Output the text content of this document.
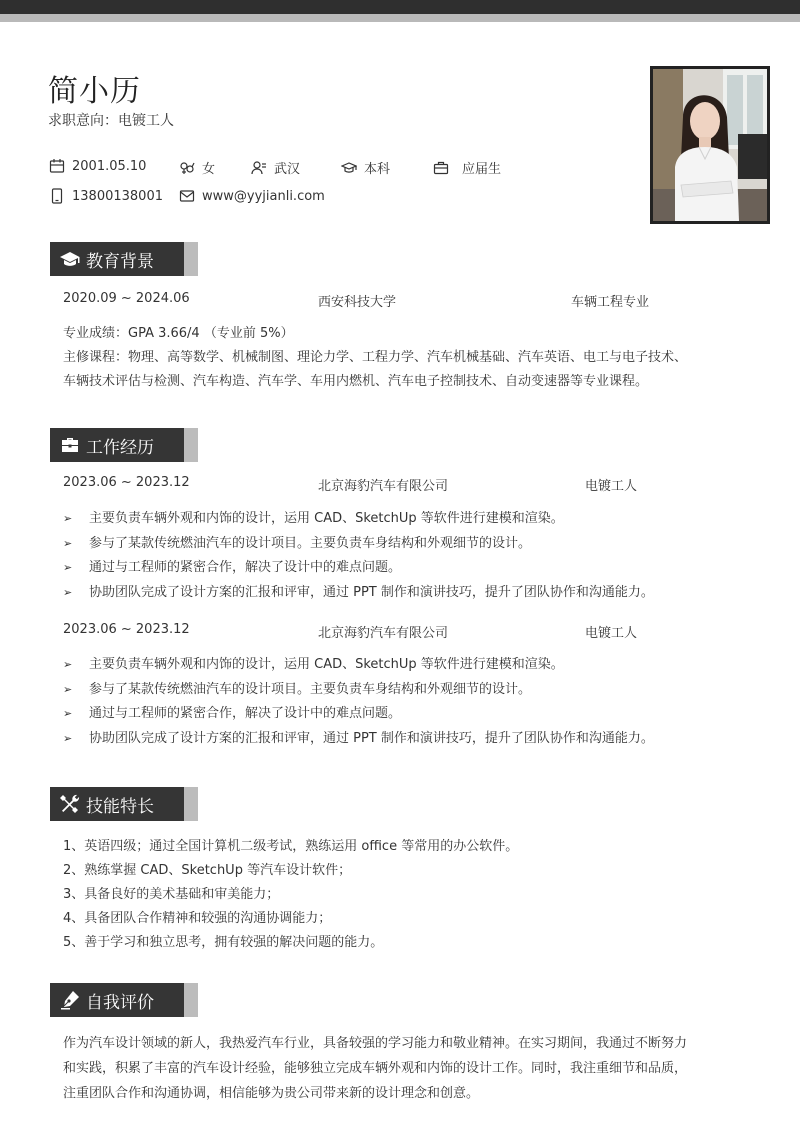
简小历
求职意向：电镀工人
2001.05.10	女	武汉	本科	应届生
13800138001	www@yyjianli.com
教育背景
2020.09 ~ 2024.06	西安科技大学	车辆工程专业
专业成绩：GPA 3.66/4 （专业前 5%）
主修课程：物理、高等数学、机械制图、理论力学、工程力学、汽车机械基础、汽车英语、电工与电子技术、
车辆技术评估与检测、汽车构造、汽车学、车用内燃机、汽车电子控制技术、自动变速器等专业课程。
工作经历
2023.06 ~ 2023.12	北京海豹汽车有限公司	电镀工人
➢	主要负责车辆外观和内饰的设计，运用 CAD、SketchUp 等软件进行建模和渲染。
➢	参与了某款传统燃油汽车的设计项目。主要负责车身结构和外观细节的设计。
➢	通过与工程师的紧密合作，解决了设计中的难点问题。
➢	协助团队完成了设计方案的汇报和评审，通过 PPT 制作和演讲技巧，提升了团队协作和沟通能力。
2023.06 ~ 2023.12	北京海豹汽车有限公司	电镀工人
➢	主要负责车辆外观和内饰的设计，运用 CAD、SketchUp 等软件进行建模和渲染。
➢	参与了某款传统燃油汽车的设计项目。主要负责车身结构和外观细节的设计。
➢	通过与工程师的紧密合作，解决了设计中的难点问题。
➢	协助团队完成了设计方案的汇报和评审，通过 PPT 制作和演讲技巧，提升了团队协作和沟通能力。
技能特长
1、英语四级；通过全国计算机二级考试，熟练运用 office 等常用的办公软件。
2、熟练掌握 CAD、SketchUp 等汽车设计软件；
3、具备良好的美术基础和审美能力；
4、具备团队合作精神和较强的沟通协调能力；
5、善于学习和独立思考，拥有较强的解决问题的能力。
自我评价
作为汽车设计领域的新人，我热爱汽车行业，具备较强的学习能力和敬业精神。在实习期间，我通过不断努力
和实践，积累了丰富的汽车设计经验，能够独立完成车辆外观和内饰的设计工作。同时，我注重细节和品质，
注重团队合作和沟通协调，相信能够为贵公司带来新的设计理念和创意。
